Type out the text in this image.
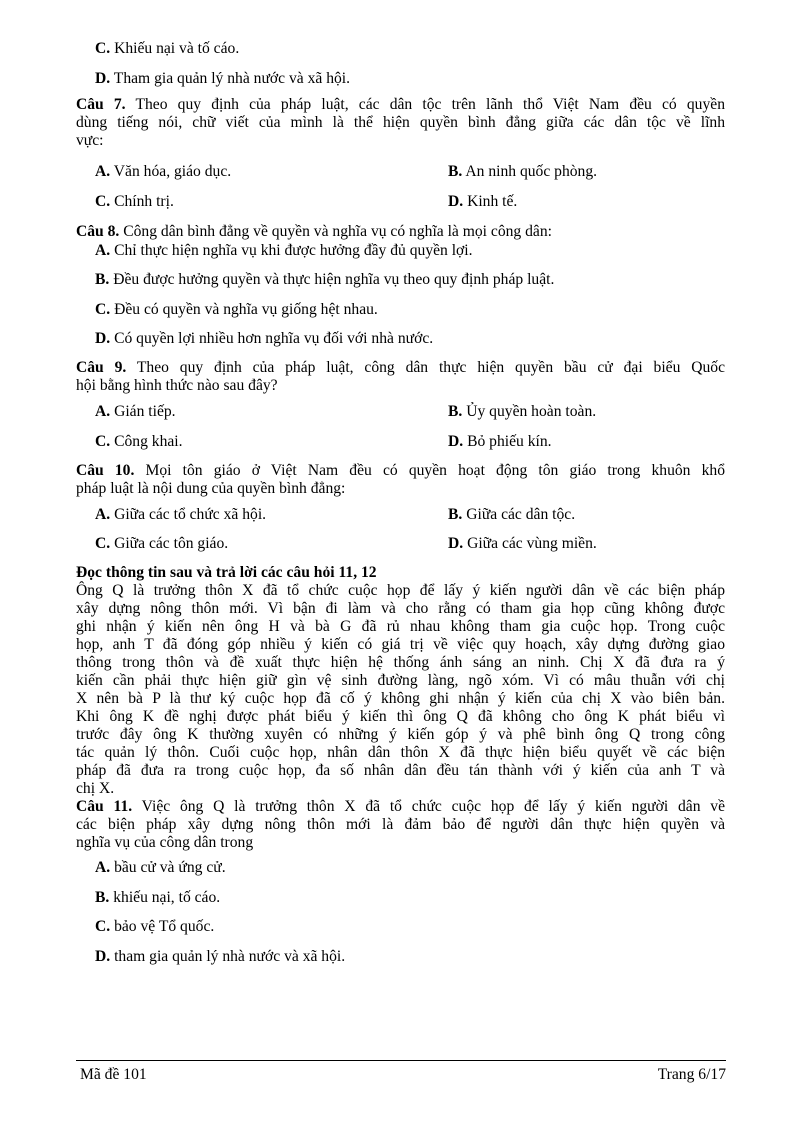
C. Khiếu nại và tố cáo.
D. Tham gia quản lý nhà nước và xã hội.
Câu 7. Theo quy định của pháp luật, các dân tộc trên lãnh thổ Việt Nam đều có quyền
dùng tiếng nói, chữ viết của mình là thể hiện quyền bình đẳng giữa các dân tộc về lĩnh
vực:
A. Văn hóa, giáo dục.	B. An ninh quốc phòng.
C. Chính trị.	D. Kinh tế.
Câu 8. Công dân bình đẳng về quyền và nghĩa vụ có nghĩa là mọi công dân:
A. Chỉ thực hiện nghĩa vụ khi được hưởng đầy đủ quyền lợi.
B. Đều được hưởng quyền và thực hiện nghĩa vụ theo quy định pháp luật.
C. Đều có quyền và nghĩa vụ giống hệt nhau.
D. Có quyền lợi nhiều hơn nghĩa vụ đối với nhà nước.
Câu 9. Theo quy định của pháp luật, công dân thực hiện quyền bầu cử đại biểu Quốc
hội bằng hình thức nào sau đây?
A. Gián tiếp.	B. Ủy quyền hoàn toàn.
C. Công khai.	D. Bỏ phiếu kín.
Câu 10. Mọi tôn giáo ở Việt Nam đều có quyền hoạt động tôn giáo trong khuôn khổ
pháp luật là nội dung của quyền bình đẳng:
A. Giữa các tổ chức xã hội.	B. Giữa các dân tộc.
C. Giữa các tôn giáo.	D. Giữa các vùng miền.
Đọc thông tin sau và trả lời các câu hỏi 11, 12
Ông Q là trưởng thôn X đã tổ chức cuộc họp để lấy ý kiến người dân về các biện pháp
xây dựng nông thôn mới. Vì bận đi làm và cho rằng có tham gia họp cũng không được
ghi nhận ý kiến nên ông H và bà G đã rủ nhau không tham gia cuộc họp. Trong cuộc
họp, anh T đã đóng góp nhiều ý kiến có giá trị về việc quy hoạch, xây dựng đường giao
thông trong thôn và đề xuất thực hiện hệ thống ánh sáng an ninh. Chị X đã đưa ra ý
kiến cần phải thực hiện giữ gìn vệ sinh đường làng, ngõ xóm. Vì có mâu thuẫn với chị
X nên bà P là thư ký cuộc họp đã cố ý không ghi nhận ý kiến của chị X vào biên bản.
Khi ông K đề nghị được phát biểu ý kiến thì ông Q đã không cho ông K phát biểu vì
trước đây ông K thường xuyên có những ý kiến góp ý và phê bình ông Q trong công
tác quản lý thôn. Cuối cuộc họp, nhân dân thôn X đã thực hiện biểu quyết về các biện
pháp đã đưa ra trong cuộc họp, đa số nhân dân đều tán thành với ý kiến của anh T và
chị X.
Câu 11. Việc ông Q là trưởng thôn X đã tổ chức cuộc họp để lấy ý kiến người dân về
các biện pháp xây dựng nông thôn mới là đảm bảo để người dân thực hiện quyền và
nghĩa vụ của công dân trong
A. bầu cử và ứng cử.
B. khiếu nại, tố cáo.
C. bảo vệ Tổ quốc.
D. tham gia quản lý nhà nước và xã hội.
Mã đề 101	Trang 6/17
